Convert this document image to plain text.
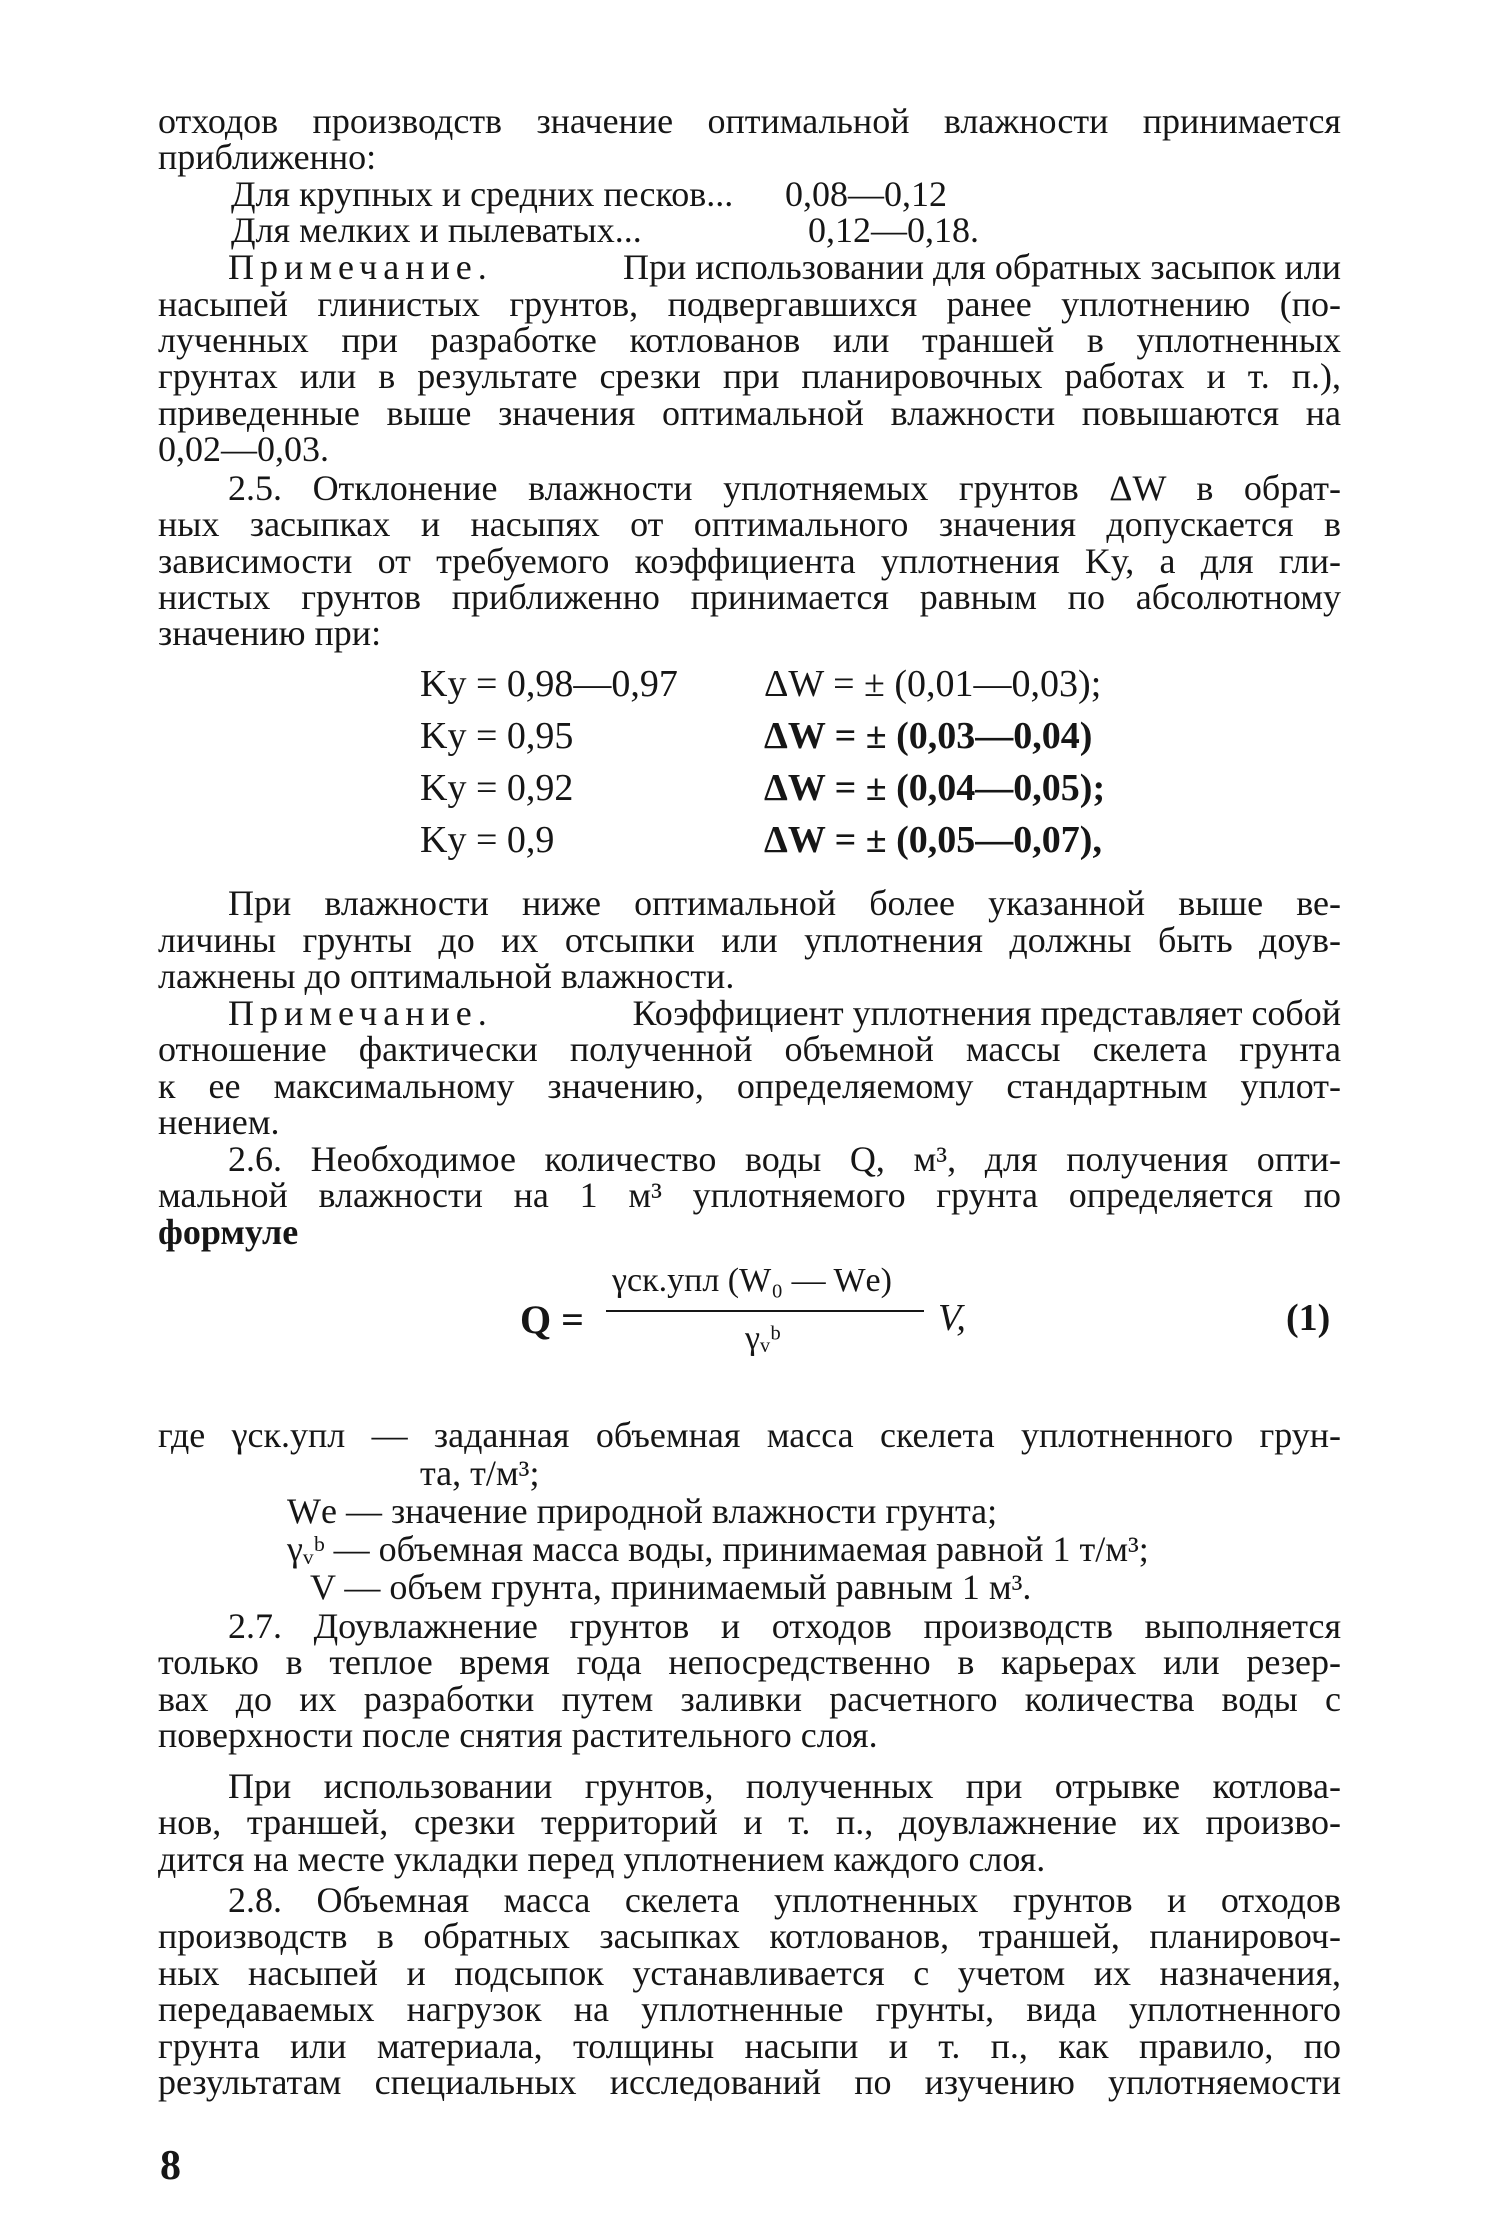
отходов производств значение оптимальной влажности принимается
приближенно:
Для крупных и средних песков...	0,08—0,12
Для мелких и пылеватых...	0,12—0,18.
Примечание.	При использовании для обратных засыпок или
насыпей глинистых грунтов, подвергавшихся ранее уплотнению (по-
лученных при разработке котлованов или траншей в уплотненных
грунтах или в результате срезки при планировочных работах и т. п.),
приведенные выше значения оптимальной влажности повышаются на
0,02—0,03.
2.5. Отклонение влажности уплотняемых грунтов ΔW в обрат-
ных засыпках и насыпях от оптимального значения допускается в
зависимости от требуемого коэффициента уплотнения Kу, а для гли-
нистых грунтов приближенно принимается равным по абсолютному
значению при:
Kу = 0,98—0,97 ΔW = ± (0,01—0,03);
Kу = 0,95	ΔW = ± (0,03—0,04)
Kу = 0,92	ΔW = ± (0,04—0,05);
Kу = 0,9	ΔW = ± (0,05—0,07),
При влажности ниже оптимальной более указанной выше ве-
личины грунты до их отсыпки или уплотнения должны быть доув-
лажнены до оптимальной влажности.
Примечание.	Коэффициент уплотнения представляет собой
отношение фактически полученной объемной массы скелета грунта
к ее максимальному значению, определяемому стандартным уплот-
нением.
2.6. Необходимое количество воды Q, м³, для получения опти-
мальной влажности на 1 м³ уплотняемого грунта определяется по
формуле
Q =
γск.упл (W₀ — Wе)
γᵥᵇ	V,	(1)
где γск.упл — заданная объемная масса скелета уплотненного грун-
та, т/м³;
Wе — значение природной влажности грунта;
γᵥᵇ — объемная масса воды, принимаемая равной 1 т/м³;
V — объем грунта, принимаемый равным 1 м³.
2.7. Доувлажнение грунтов и отходов производств выполняется
только в теплое время года непосредственно в карьерах или резер-
вах до их разработки путем заливки расчетного количества воды с
поверхности после снятия растительного слоя.
При использовании грунтов, полученных при отрывке котлова-
нов, траншей, срезки территорий и т. п., доувлажнение их произво-
дится на месте укладки перед уплотнением каждого слоя.
2.8. Объемная масса скелета уплотненных грунтов и отходов
производств в обратных засыпках котлованов, траншей, планировоч-
ных насыпей и подсыпок устанавливается с учетом их назначения,
передаваемых нагрузок на уплотненные грунты, вида уплотненного
грунта или материала, толщины насыпи и т. п., как правило, по
результатам специальных исследований по изучению уплотняемости
8
